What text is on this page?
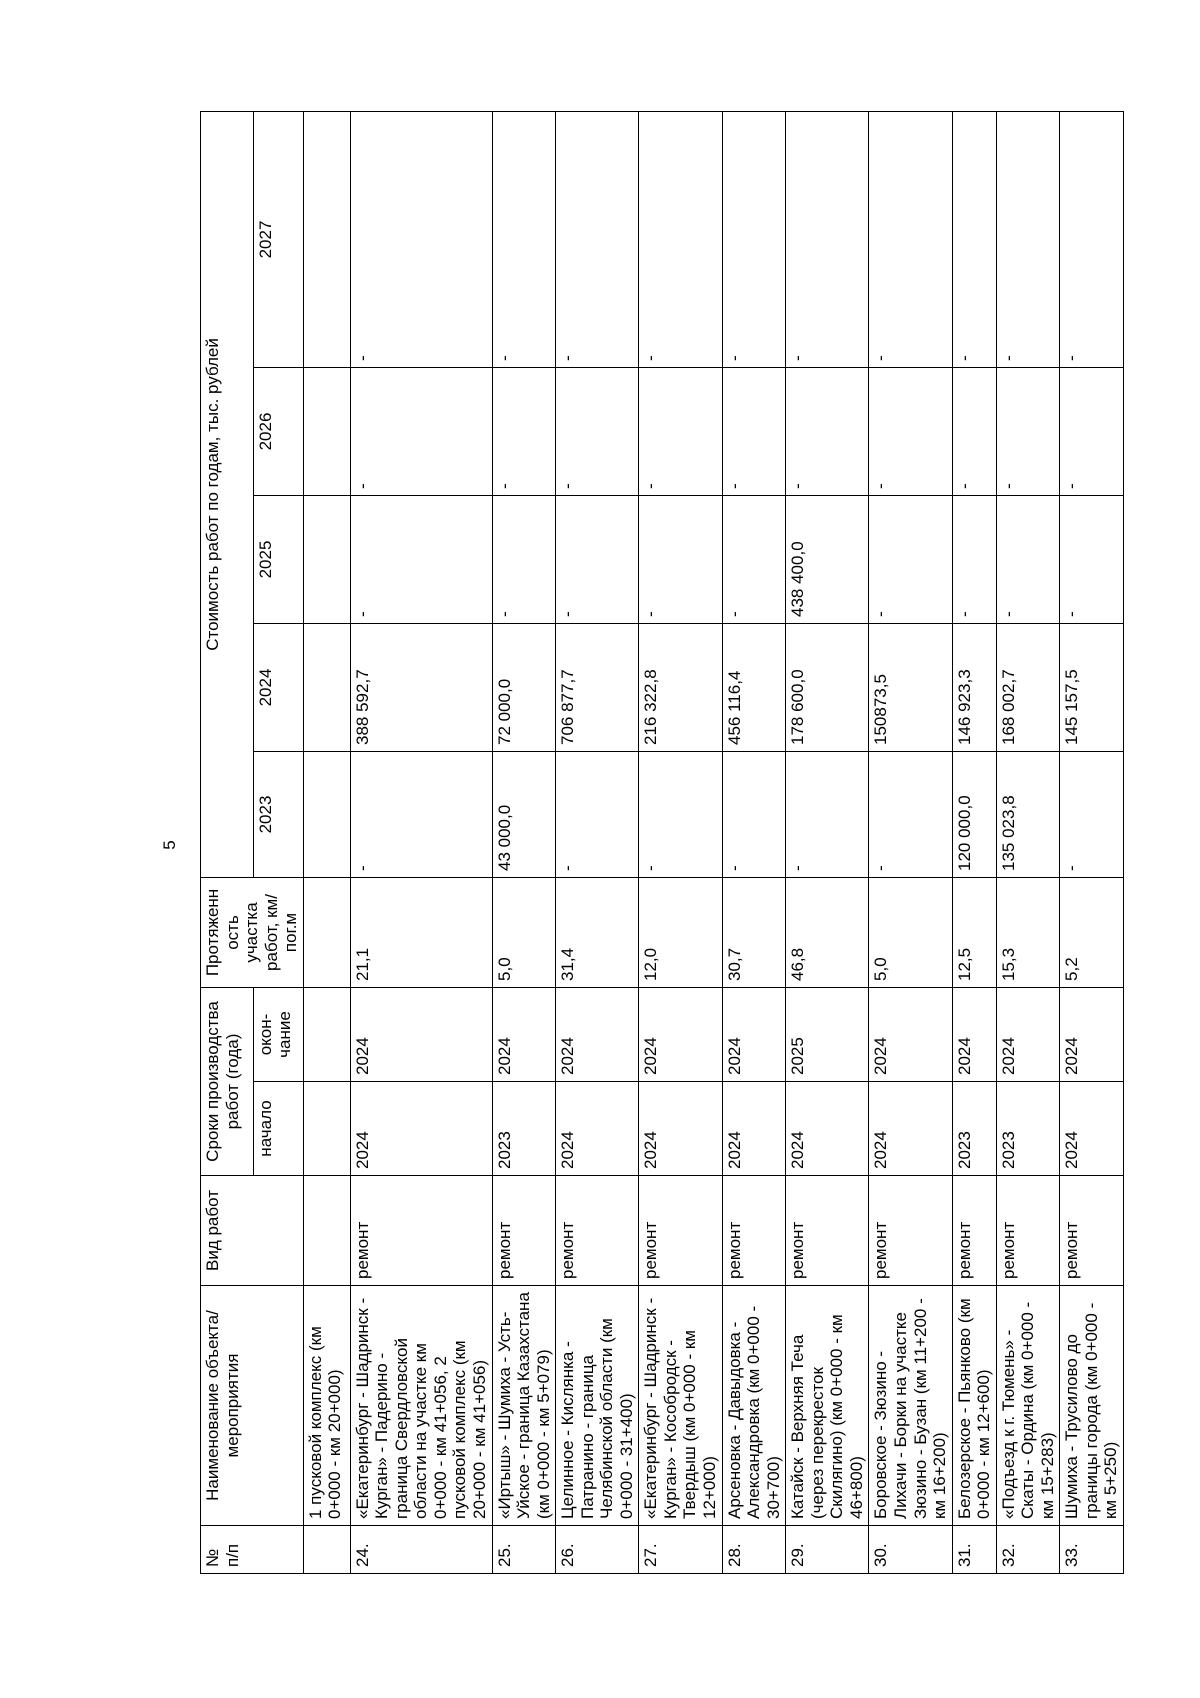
5
№ п/п	Наименование объекта/ мероприятия	Вид работ	Сроки производства работ (года)		Протяженн ость участка работ, км/пог.м	Стоимость работ по годам, тыс. рублей				
			начало	окон- чание		2023	2024	2025	2026	2027
	1 пусковой комплекс (км 0+000 - км 20+000)									
24.	«Екатеринбург - Шадринск - Курган» - Падерино - граница Свердловской области на участке км 0+000 - км 41+056, 2 пусковой комплекс (км 20+000 - км 41+056)	ремонт	2024	2024	21,1	-	388 592,7	-	-	-
25.	«Иртыш» - Шумиха - Усть-Уйское - граница Казахстана (км 0+000 - км 5+079)	ремонт	2023	2024	5,0	43 000,0	72 000,0	-	-	-
26.	Целинное - Кислянка - Патранино - граница Челябинской области (км 0+000 - 31+400)	ремонт	2024	2024	31,4	-	706 877,7	-	-	-
27.	«Екатеринбург - Шадринск - Курган» - Кособродск - Твердыш (км 0+000 - км 12+000)	ремонт	2024	2024	12,0	-	216 322,8	-	-	-
28.	Арсеновка - Давыдовка - Александровка (км 0+000 - 30+700)	ремонт	2024	2024	30,7	-	456 116,4	-	-	-
29.	Катайск - Верхняя Теча (через перекресток Скилягино) (км 0+000 - км 46+800)	ремонт	2024	2025	46,8	-	178 600,0	438 400,0	-	-
30.	Боровское - Зюзино - Лихачи - Борки на участке Зюзино - Бузан (км 11+200 - км 16+200)	ремонт	2024	2024	5,0	-	150873,5	-	-	-
31.	Белозерское - Пьянково (км 0+000 - км 12+600)	ремонт	2023	2024	12,5	120 000,0	146 923,3	-	-	-
32.	«Подъезд к г. Тюмень» - Скаты - Ордина (км 0+000 - км 15+283)	ремонт	2023	2024	15,3	135 023,8	168 002,7	-	-	-
33.	Шумиха - Трусилово до границы города (км 0+000 - км 5+250)	ремонт	2024	2024	5,2	-	145 157,5	-	-	-
